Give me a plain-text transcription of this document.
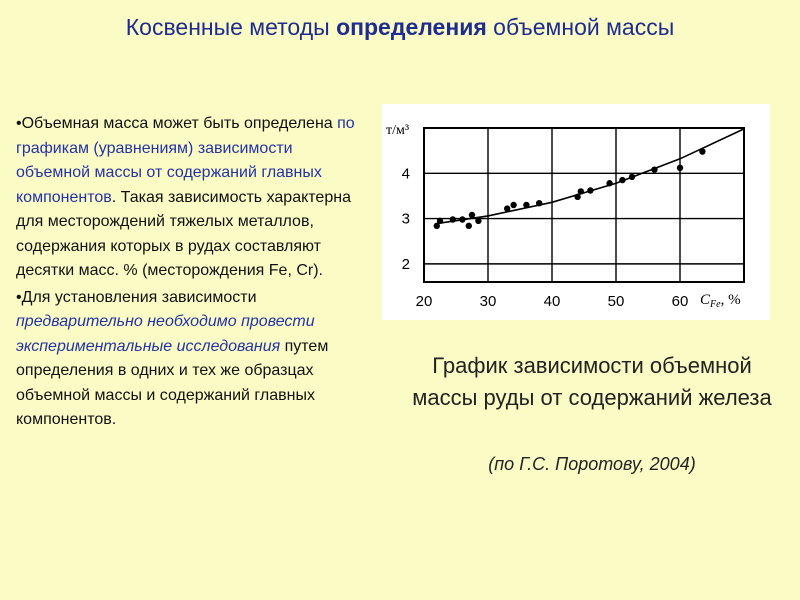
Косвенные методы определения объемной массы

•Объемная масса может быть определена по графикам (уравнениям) зависимости объемной массы от содержаний главных компонентов. Такая зависимость характерна для месторождений тяжелых металлов, содержания которых в рудах составляют десятки масс. % (месторождения Fe, Cr).

•Для установления зависимости предварительно необходимо провести экспериментальные исследования путем определения в одних и тех же образцах объемной массы и содержаний главных компонентов.

20	30	40	50	60
2
3
4
т/м³
$C_{Fe}$, %
График зависимости объемной массы руды от содержаний железа
(по Г.С. Поротову, 2004)
